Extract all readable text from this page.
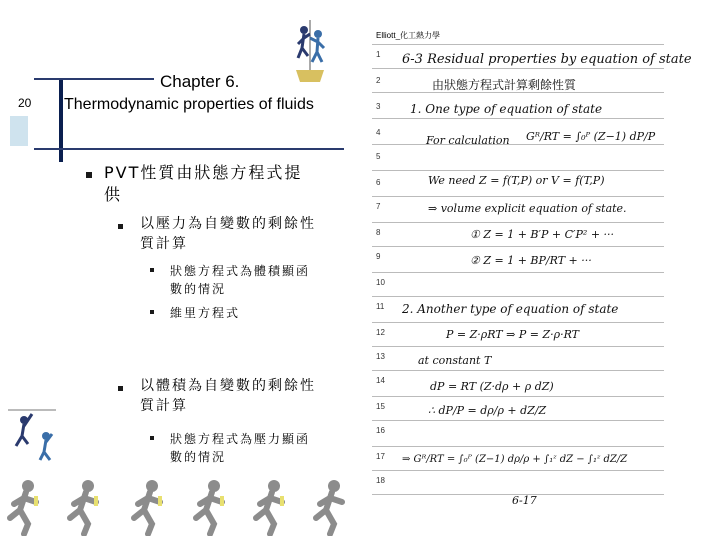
20
Chapter 6.
Thermodynamic properties of fluids
PVT性質由狀態方程式提
供
以壓力為自變數的剩餘性
質計算
狀態方程式為體積顯函
數的情況
維里方程式
以體積為自變數的剩餘性
質計算
狀態方程式為壓力顯函
數的情況
Elliott_化工熱力學
1
2
3
4
5
6
7
8
9
10
11
12
13
14
15
16
17
18
6-3 Residual properties by equation of state
由狀態方程式計算剩餘性質
1. One type of equation of state
For calculation Gᴿ/RT = ∫₀ᴾ (Z−1) dP/P
We need Z = f(T,P) or V = f(T,P)
⇒ volume explicit equation of state.
① Z = 1 + B′P + C′P² + ···
② Z = 1 + BP/RT + ···
2. Another type of equation of state
P = Z·ρRT ⇒ P = Z·ρ·RT
at constant T
dP = RT (Z·dρ + ρ dZ)
∴ dP/P = dρ/ρ + dZ/Z
⇒ Gᴿ/RT = ∫₀ᴾ (Z−1) dρ/ρ + ∫₁ᶻ dZ − ∫₁ᶻ dZ/Z
6-17
